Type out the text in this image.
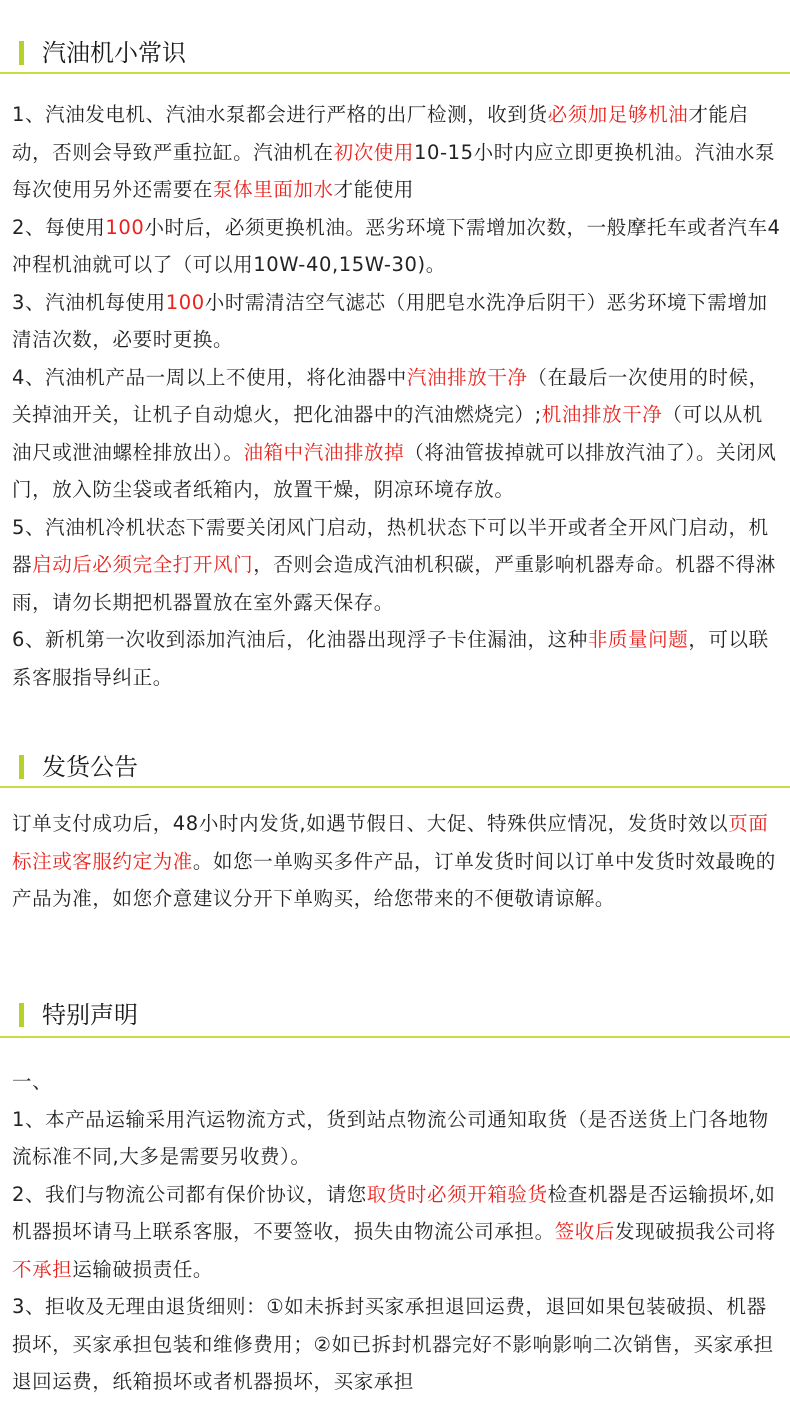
汽油机小常识

1、汽油发电机、汽油水泵都会进行严格的出厂检测，收到货必须加足够机油才能启动，否则会导致严重拉缸。汽油机在初次使用10-15小时内应立即更换机油。汽油水泵每次使用另外还需要在泵体里面加水才能使用

2、每使用100小时后，必须更换机油。恶劣环境下需增加次数，一般摩托车或者汽车4冲程机油就可以了（可以用10W-40,15W-30)。

3、汽油机每使用100小时需清洁空气滤芯（用肥皂水洗净后阴干）恶劣环境下需增加清洁次数，必要时更换。

4、汽油机产品一周以上不使用，将化油器中汽油排放干净（在最后一次使用的时候，关掉油开关，让机子自动熄火，把化油器中的汽油燃烧完）;机油排放干净（可以从机油尺或泄油螺栓排放出）。油箱中汽油排放掉（将油管拔掉就可以排放汽油了）。关闭风门，放入防尘袋或者纸箱内，放置干燥，阴凉环境存放。

5、汽油机冷机状态下需要关闭风门启动，热机状态下可以半开或者全开风门启动，机器启动后必须完全打开风门，否则会造成汽油机积碳，严重影响机器寿命。机器不得淋雨，请勿长期把机器置放在室外露天保存。

6、新机第一次收到添加汽油后，化油器出现浮子卡住漏油，这种非质量问题，可以联系客服指导纠正。

发货公告

订单支付成功后，48小时内发货,如遇节假日、大促、特殊供应情况，发货时效以页面标注或客服约定为准。如您一单购买多件产品，订单发货时间以订单中发货时效最晚的产品为准，如您介意建议分开下单购买，给您带来的不便敬请谅解。

特别声明

一、

1、本产品运输采用汽运物流方式，货到站点物流公司通知取货（是否送货上门各地物流标准不同,大多是需要另收费）。

2、我们与物流公司都有保价协议，请您取货时必须开箱验货检查机器是否运输损坏,如机器损坏请马上联系客服，不要签收，损失由物流公司承担。签收后发现破损我公司将不承担运输破损责任。

3、拒收及无理由退货细则：①如未拆封买家承担退回运费，退回如果包装破损、机器损坏，买家承担包装和维修费用；②如已拆封机器完好不影响影响二次销售，买家承担退回运费，纸箱损坏或者机器损坏，买家承担
